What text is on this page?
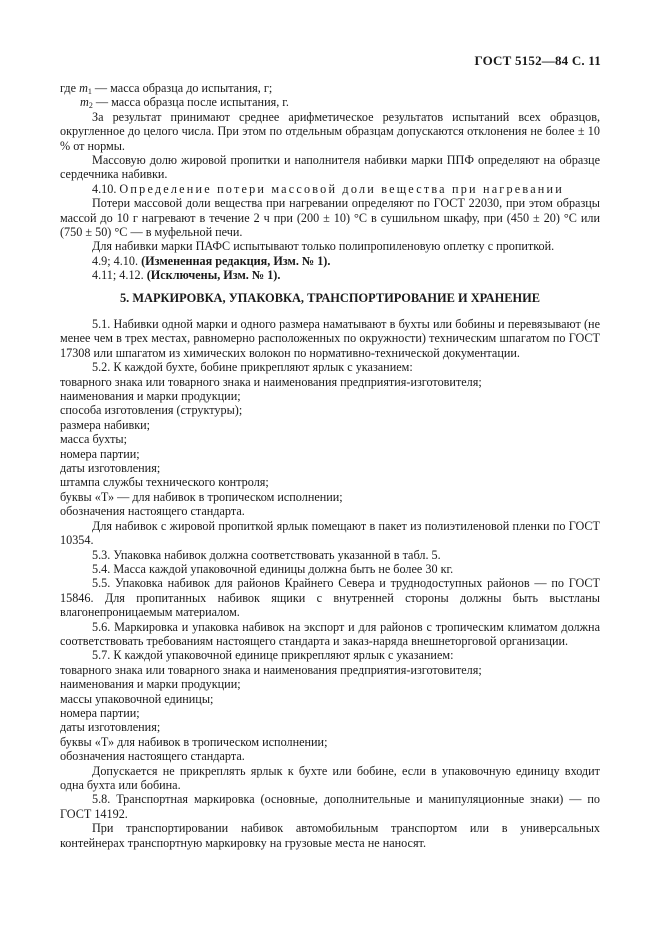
ГОСТ 5152—84 С. 11

где $m_1$ — масса образца до испытания, г;

$m_2$ — масса образца после испытания, г.

За результат принимают среднее арифметическое результатов испытаний всех образцов, округленное до целого числа. При этом по отдельным образцам допускаются отклонения не более ± 10 % от нормы.

Массовую долю жировой пропитки и наполнителя набивки марки ППФ определяют на образце сердечника набивки.

4.10. Определение потери массовой доли вещества при нагревании

Потери массовой доли вещества при нагревании определяют по ГОСТ 22030, при этом образцы массой до 10 г нагревают в течение 2 ч при (200 ± 10) °С в сушильном шкафу, при (450 ± 20) °С или (750 ± 50) °С — в муфельной печи.

Для набивки марки ПАФС испытывают только полипропиленовую оплетку с пропиткой.

4.9; 4.10. (Измененная редакция, Изм. № 1).

4.11; 4.12. (Исключены, Изм. № 1).

5. МАРКИРОВКА, УПАКОВКА, ТРАНСПОРТИРОВАНИЕ И ХРАНЕНИЕ

5.1. Набивки одной марки и одного размера наматывают в бухты или бобины и перевязывают (не менее чем в трех местах, равномерно расположенных по окружности) техническим шпагатом по ГОСТ 17308 или шпагатом из химических волокон по нормативно-технической документации.

5.2. К каждой бухте, бобине прикрепляют ярлык с указанием:

товарного знака или товарного знака и наименования предприятия-изготовителя;

наименования и марки продукции;

способа изготовления (структуры);

размера набивки;

масса бухты;

номера партии;

даты изготовления;

штампа службы технического контроля;

буквы «Т» — для набивок в тропическом исполнении;

обозначения настоящего стандарта.

Для набивок с жировой пропиткой ярлык помещают в пакет из полиэтиленовой пленки по ГОСТ 10354.

5.3. Упаковка набивок должна соответствовать указанной в табл. 5.

5.4. Масса каждой упаковочной единицы должна быть не более 30 кг.

5.5. Упаковка набивок для районов Крайнего Севера и труднодоступных районов — по ГОСТ 15846. Для пропитанных набивок ящики с внутренней стороны должны быть выстланы влагонепроницаемым материалом.

5.6. Маркировка и упаковка набивок на экспорт и для районов с тропическим климатом должна соответствовать требованиям настоящего стандарта и заказ-наряда внешнеторговой организации.

5.7. К каждой упаковочной единице прикрепляют ярлык с указанием:

товарного знака или товарного знака и наименования предприятия-изготовителя;

наименования и марки продукции;

массы упаковочной единицы;

номера партии;

даты изготовления;

буквы «Т» для набивок в тропическом исполнении;

обозначения настоящего стандарта.

Допускается не прикреплять ярлык к бухте или бобине, если в упаковочную единицу входит одна бухта или бобина.

5.8. Транспортная маркировка (основные, дополнительные и манипуляционные знаки) — по ГОСТ 14192.

При транспортировании набивок автомобильным транспортом или в универсальных контейнерах транспортную маркировку на грузовые места не наносят.
